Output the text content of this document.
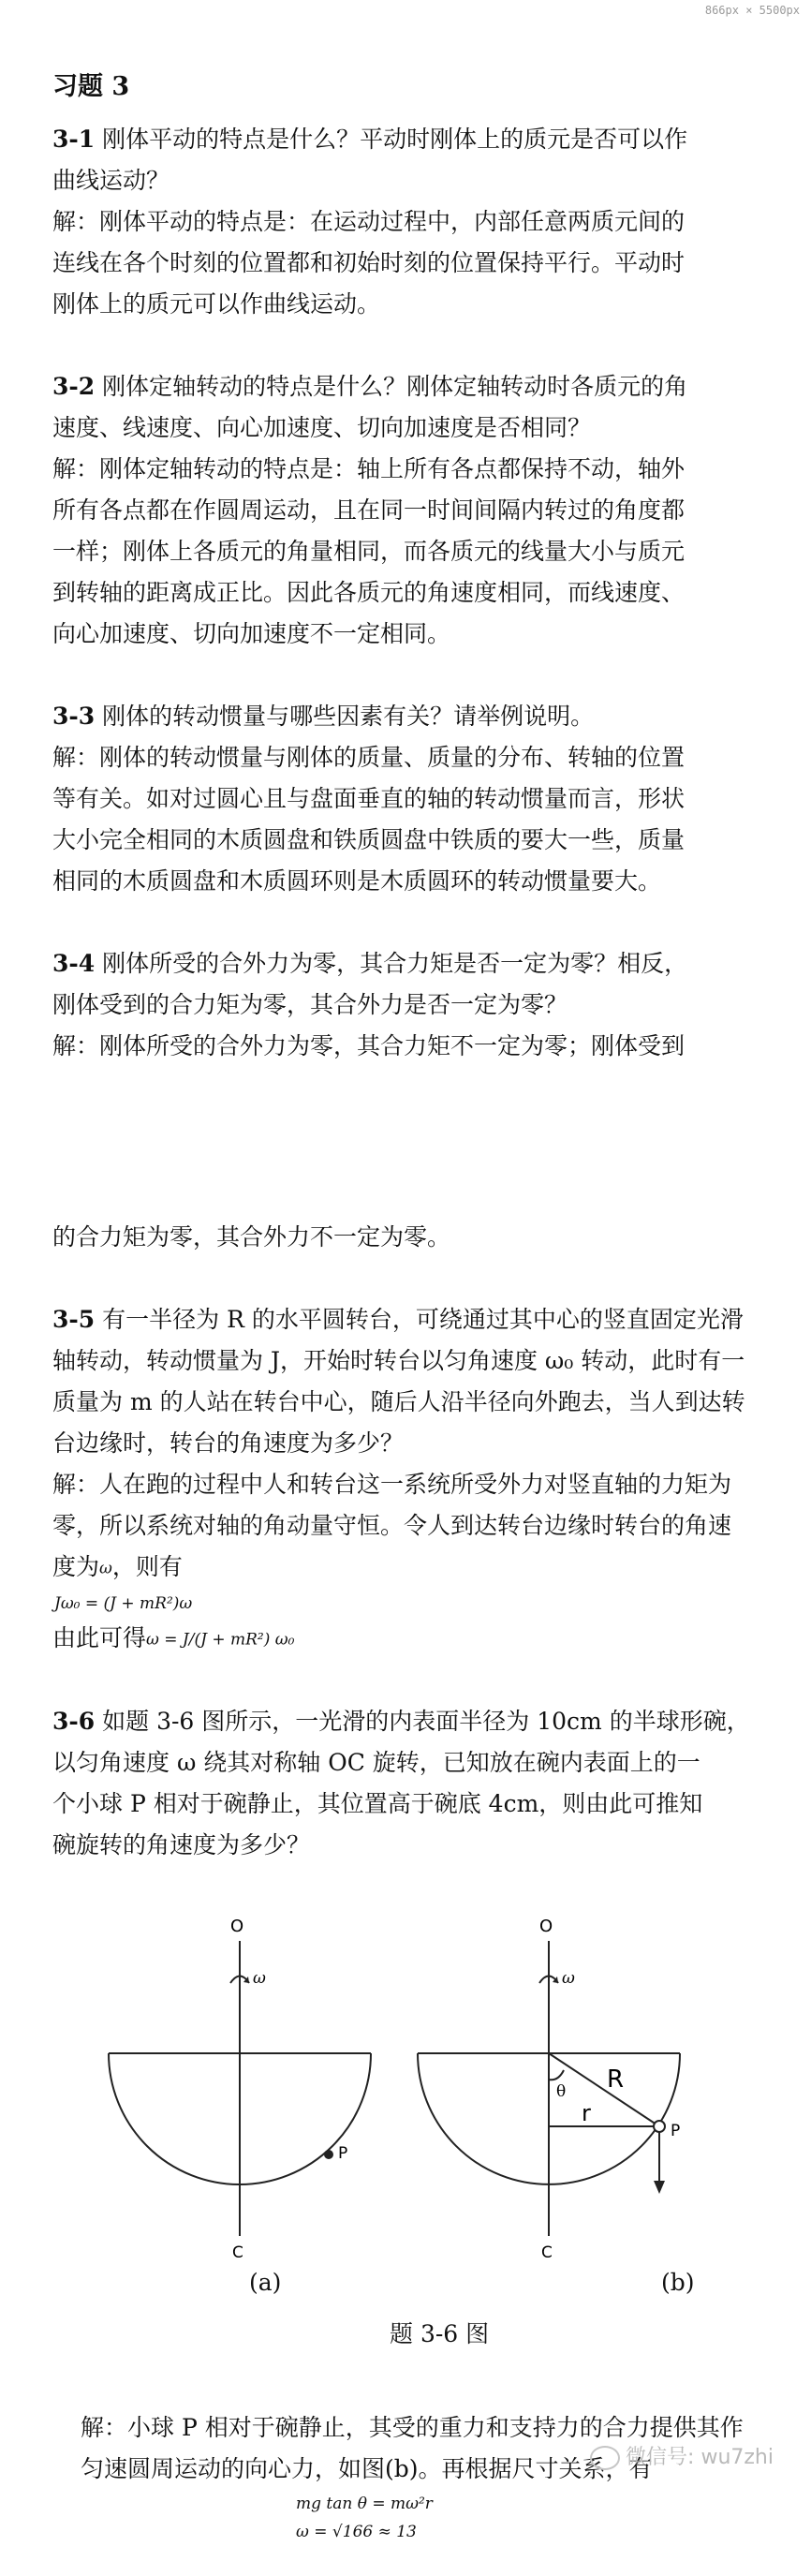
866px × 5500px
习题 3
3-1 刚体平动的特点是什么？平动时刚体上的质元是否可以作
曲线运动？
解：刚体平动的特点是：在运动过程中，内部任意两质元间的
连线在各个时刻的位置都和初始时刻的位置保持平行。平动时
刚体上的质元可以作曲线运动。
3-2 刚体定轴转动的特点是什么？刚体定轴转动时各质元的角
速度、线速度、向心加速度、切向加速度是否相同？
解：刚体定轴转动的特点是：轴上所有各点都保持不动，轴外
所有各点都在作圆周运动，且在同一时间间隔内转过的角度都
一样；刚体上各质元的角量相同，而各质元的线量大小与质元
到转轴的距离成正比。因此各质元的角速度相同，而线速度、
向心加速度、切向加速度不一定相同。
3-3 刚体的转动惯量与哪些因素有关？请举例说明。
解：刚体的转动惯量与刚体的质量、质量的分布、转轴的位置
等有关。如对过圆心且与盘面垂直的轴的转动惯量而言，形状
大小完全相同的木质圆盘和铁质圆盘中铁质的要大一些，质量
相同的木质圆盘和木质圆环则是木质圆环的转动惯量要大。
3-4 刚体所受的合外力为零，其合力矩是否一定为零？相反，
刚体受到的合力矩为零，其合外力是否一定为零？
解：刚体所受的合外力为零，其合力矩不一定为零；刚体受到
的合力矩为零，其合外力不一定为零。
3-5 有一半径为 R 的水平圆转台，可绕通过其中心的竖直固定光滑
轴转动，转动惯量为 J，开始时转台以匀角速度 ω₀ 转动，此时有一
质量为 m 的人站在转台中心，随后人沿半径向外跑去，当人到达转
台边缘时，转台的角速度为多少？
解：人在跑的过程中人和转台这一系统所受外力对竖直轴的力矩为
零，所以系统对轴的角动量守恒。令人到达转台边缘时转台的角速
度为ω，则有
Jω₀ = (J + mR²)ω
由此可得ω = J/(J + mR²) ω₀
3-6 如题 3-6 图所示，一光滑的内表面半径为 10cm 的半球形碗，
以匀角速度 ω 绕其对称轴 OC 旋转，已知放在碗内表面上的一
个小球 P 相对于碗静止，其位置高于碗底 4cm，则由此可推知
碗旋转的角速度为多少？
O
ω
P
C
O
ω
θ R
r
P
C
(a)	(b)
题 3-6 图
解：小球 P 相对于碗静止，其受的重力和支持力的合力提供其作
匀速圆周运动的向心力，如图(b)。再根据尺寸关系，有
mg tan θ = mω²r
ω = √166 ≈ 13
微信号: wu7zhi
